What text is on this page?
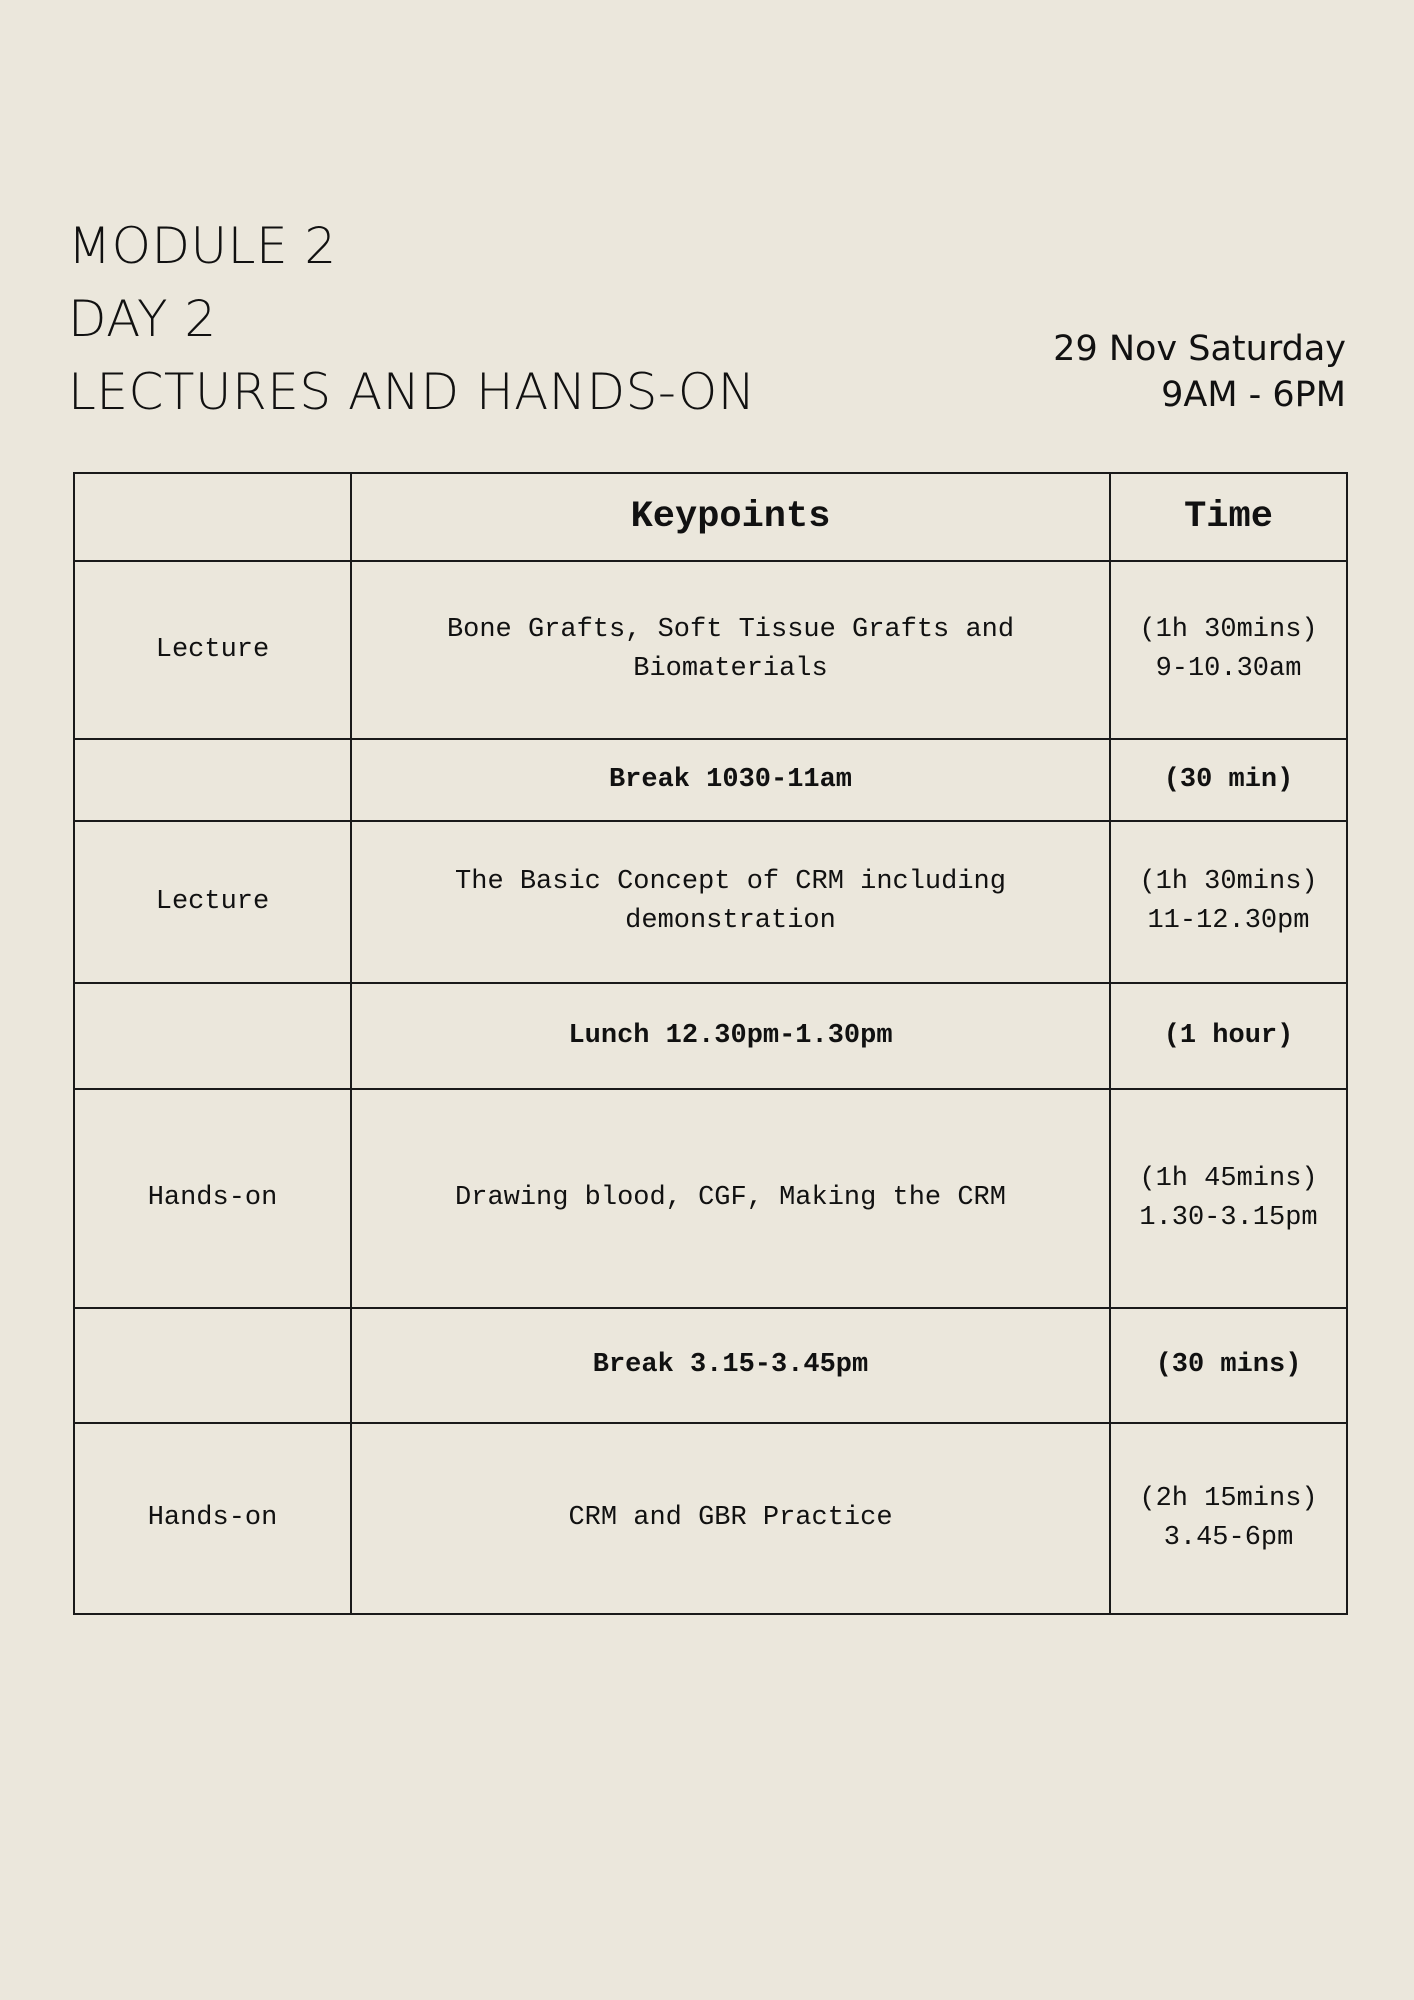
MODULE 2
DAY 2
LECTURES AND HANDS-ON
29 Nov Saturday
9AM - 6PM
	Keypoints	Time
Lecture	Bone Grafts, Soft Tissue Grafts and Biomaterials	(1h 30mins)
9-10.30am

	Break 1030-11am	(30 min)
Lecture	The Basic Concept of CRM including demonstration	(1h 30mins)
11-12.30pm

	Lunch 12.30pm-1.30pm	(1 hour)
Hands-on	Drawing blood, CGF, Making the CRM	(1h 45mins)
1.30-3.15pm

	Break 3.15-3.45pm	(30 mins)
Hands-on	CRM and GBR Practice	(2h 15mins)
3.45-6pm
